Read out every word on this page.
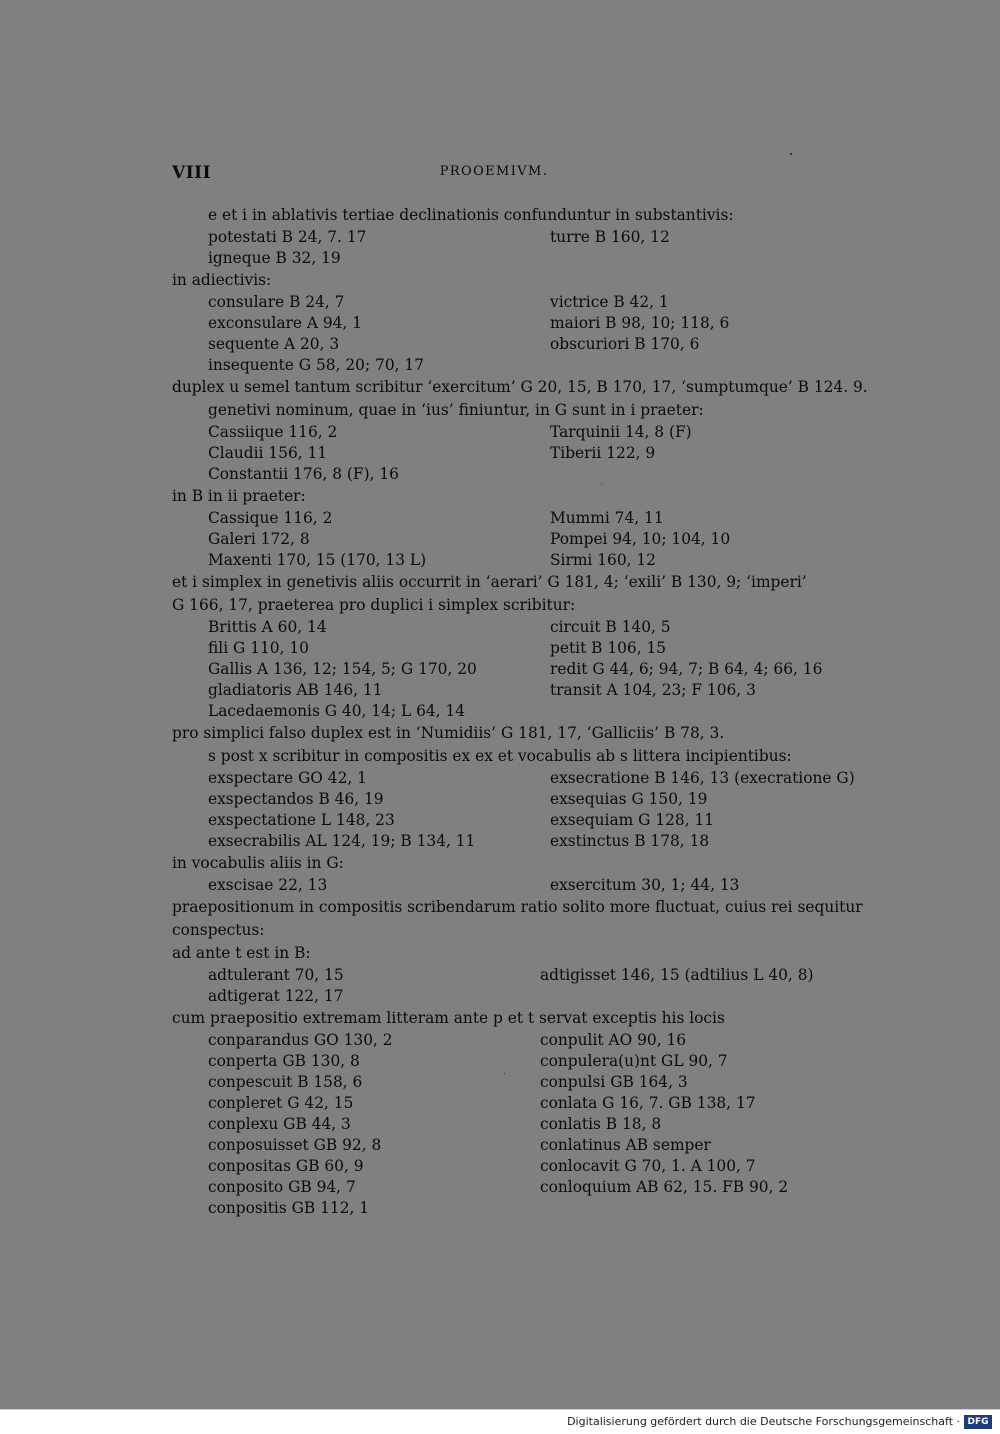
VIII	PROOEMIVM.
e et i in ablativis tertiae declinationis confunduntur in substantivis:
potestati B 24, 7. 17	turre B 160, 12
igneque B 32, 19
in adiectivis:
consulare B 24, 7	victrice B 42, 1
exconsulare A 94, 1	maiori B 98, 10; 118, 6
sequente A 20, 3	obscuriori B 170, 6
insequente G 58, 20; 70, 17
duplex u semel tantum scribitur ‘exercitum’ G 20, 15, B 170, 17, ‘sumptumque’ B 124. 9.
genetivi nominum, quae in ‘ius’ finiuntur, in G sunt in i praeter:
Cassiique 116, 2	Tarquinii 14, 8 (F)
Claudii 156, 11	Tiberii 122, 9
Constantii 176, 8 (F), 16
in B in ii praeter:
Cassique 116, 2	Mummi 74, 11
Galeri 172, 8	Pompei 94, 10; 104, 10
Maxenti 170, 15 (170, 13 L)	Sirmi 160, 12
et i simplex in genetivis aliis occurrit in ‘aerari’ G 181, 4; ‘exili’ B 130, 9; ‘imperi’
G 166, 17, praeterea pro duplici i simplex scribitur:
Brittis A 60, 14	circuit B 140, 5
fili G 110, 10	petit B 106, 15
Gallis A 136, 12; 154, 5; G 170, 20	redit G 44, 6; 94, 7; B 64, 4; 66, 16
gladiatoris AB 146, 11	transit A 104, 23; F 106, 3
Lacedaemonis G 40, 14; L 64, 14
pro simplici falso duplex est in ‘Numidiis’ G 181, 17, ‘Galliciis’ B 78, 3.
s post x scribitur in compositis ex ex et vocabulis ab s littera incipientibus:
exspectare GO 42, 1	exsecratione B 146, 13 (execratione G)
exspectandos B 46, 19	exsequias G 150, 19
exspectatione L 148, 23	exsequiam G 128, 11
exsecrabilis AL 124, 19; B 134, 11	exstinctus B 178, 18
in vocabulis aliis in G:
exscisae 22, 13	exsercitum 30, 1; 44, 13
praepositionum in compositis scribendarum ratio solito more fluctuat, cuius rei sequitur
conspectus:
ad ante t est in B:
adtulerant 70, 15	adtigisset 146, 15 (adtilius L 40, 8)
adtigerat 122, 17
cum praepositio extremam litteram ante p et t servat exceptis his locis
conparandus GO 130, 2	conpulit AO 90, 16
conperta GB 130, 8	conpulera(u)nt GL 90, 7
conpescuit B 158, 6	conpulsi GB 164, 3
conpleret G 42, 15	conlata G 16, 7. GB 138, 17
conplexu GB 44, 3	conlatis B 18, 8
conposuisset GB 92, 8	conlatinus AB semper
conpositas GB 60, 9	conlocavit G 70, 1. A 100, 7
conposito GB 94, 7	conloquium AB 62, 15. FB 90, 2
conpositis GB 112, 1
Digitalisierung gefördert durch die Deutsche Forschungsgemeinschaft · DFG
